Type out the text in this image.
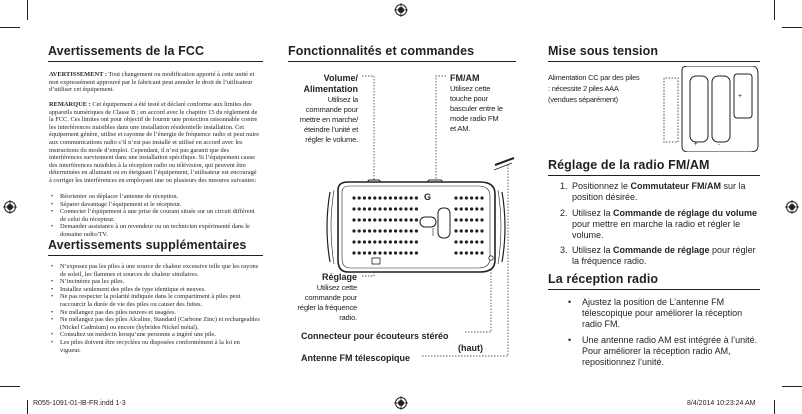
Avertissements de la FCC
AVERTISSEMENT : Tout changement ou modification apporté à cette unité et non expressément approuvé par le fabricant peut annuler le droit de l’utilisateur d’utiliser cet équipement.
REMARQUE : Cet équipement a été testé et déclaré conforme aux limites des appareils numériques de Classe B ; en accord avec le chapitre 15 du règlement de la FCC. Ces limites ont pour objectif de fournir une protection raisonnable contre les interférences nuisibles dans une installation résidentielle installation. Cet équipement génère, utilise et rayonne de l’énergie de fréquence radio et peut nuire aux communications radio s’il n’est pas installé et utilisé en accord avec les instructions du mode d’emploi. Cependant, il n’est pas garanti que des interférences surviennent dans une installation spécifique. Si l’équipement cause des interférences nuisibles à la réception radio ou télévision, qui peuvent être déterminées en allumant ou en éteignant l’équipement, l’utilisateur est encouragé à corriger les interférences en employant une ou plusieurs des mesures suivantes:
• Réorienter ou déplacer l’antenne de réception.
• Séparer davantage l’équipement et le récepteur.
• Connecter l’équipement à une prise de courant située sur un circuit différent de celui du récepteur.
• Demander assistance à un revendeur ou un technicien expérimenté dans le domaine radio/TV.
Avertissements supplémentaires
• N’exposez pas les piles à une source de chaleur excessive telle que les rayons de soleil, les flammes et sources de chaleur similaires.
• N’incinérez pas les piles.
• Installez seulement des piles de type identique et neuves.
• Ne pas respecter la polarité indiquée dans le compartiment à piles peut raccourcir la durée de vie des piles ou causer des fuites.
• Ne mélangez pas des piles neuves et usagées.
• Ne mélangez pas des piles Alcaline, Standard (Carbone Zinc) et rechargeables (Nickel Cadmium) ou encore (hybrides Nickel métal).
• Consultez un médecin lorsqu’une personne a ingéré une pile.
• Les piles doivent être recyclées ou disposées conformément à la loi en vigueur.
Fonctionnalités et commandes
Volume/
Alimentation
Utilisez la
commande pour
mettre en marche/
éteindre l’unité et
régler le volume.
FM/AM
Utilisez cette
touche pour
basculer entre le
mode radio FM
et AM.
Réglage
Utilisez cette
commande pour
régler la fréquence
radio.
Connecteur pour écouteurs stéréo
(haut)
Antenne FM télescopique
G
Mise sous tension
Alimentation CC par des piles
: nécessite 2 piles AAA
(vendues séparément)	+
+	-
Réglage de la radio FM/AM
1. Positionnez le Commutateur FM/AM sur la position désirée.
2. Utilisez la Commande de réglage du volume pour mettre en marche la radio et régler le volume.
3. Utilisez la Commande de réglage pour régler la fréquence radio.
La réception radio
• Ajustez la position de L’antenne FM télescopique pour améliorer la réception radio FM.
• Une antenne radio AM est intégrée à l’unité. Pour améliorer la réception radio AM, repositionnez l’unité.
R055-1091-01-IB-FR.indd 1-3	8/4/2014 10:23:24 AM
